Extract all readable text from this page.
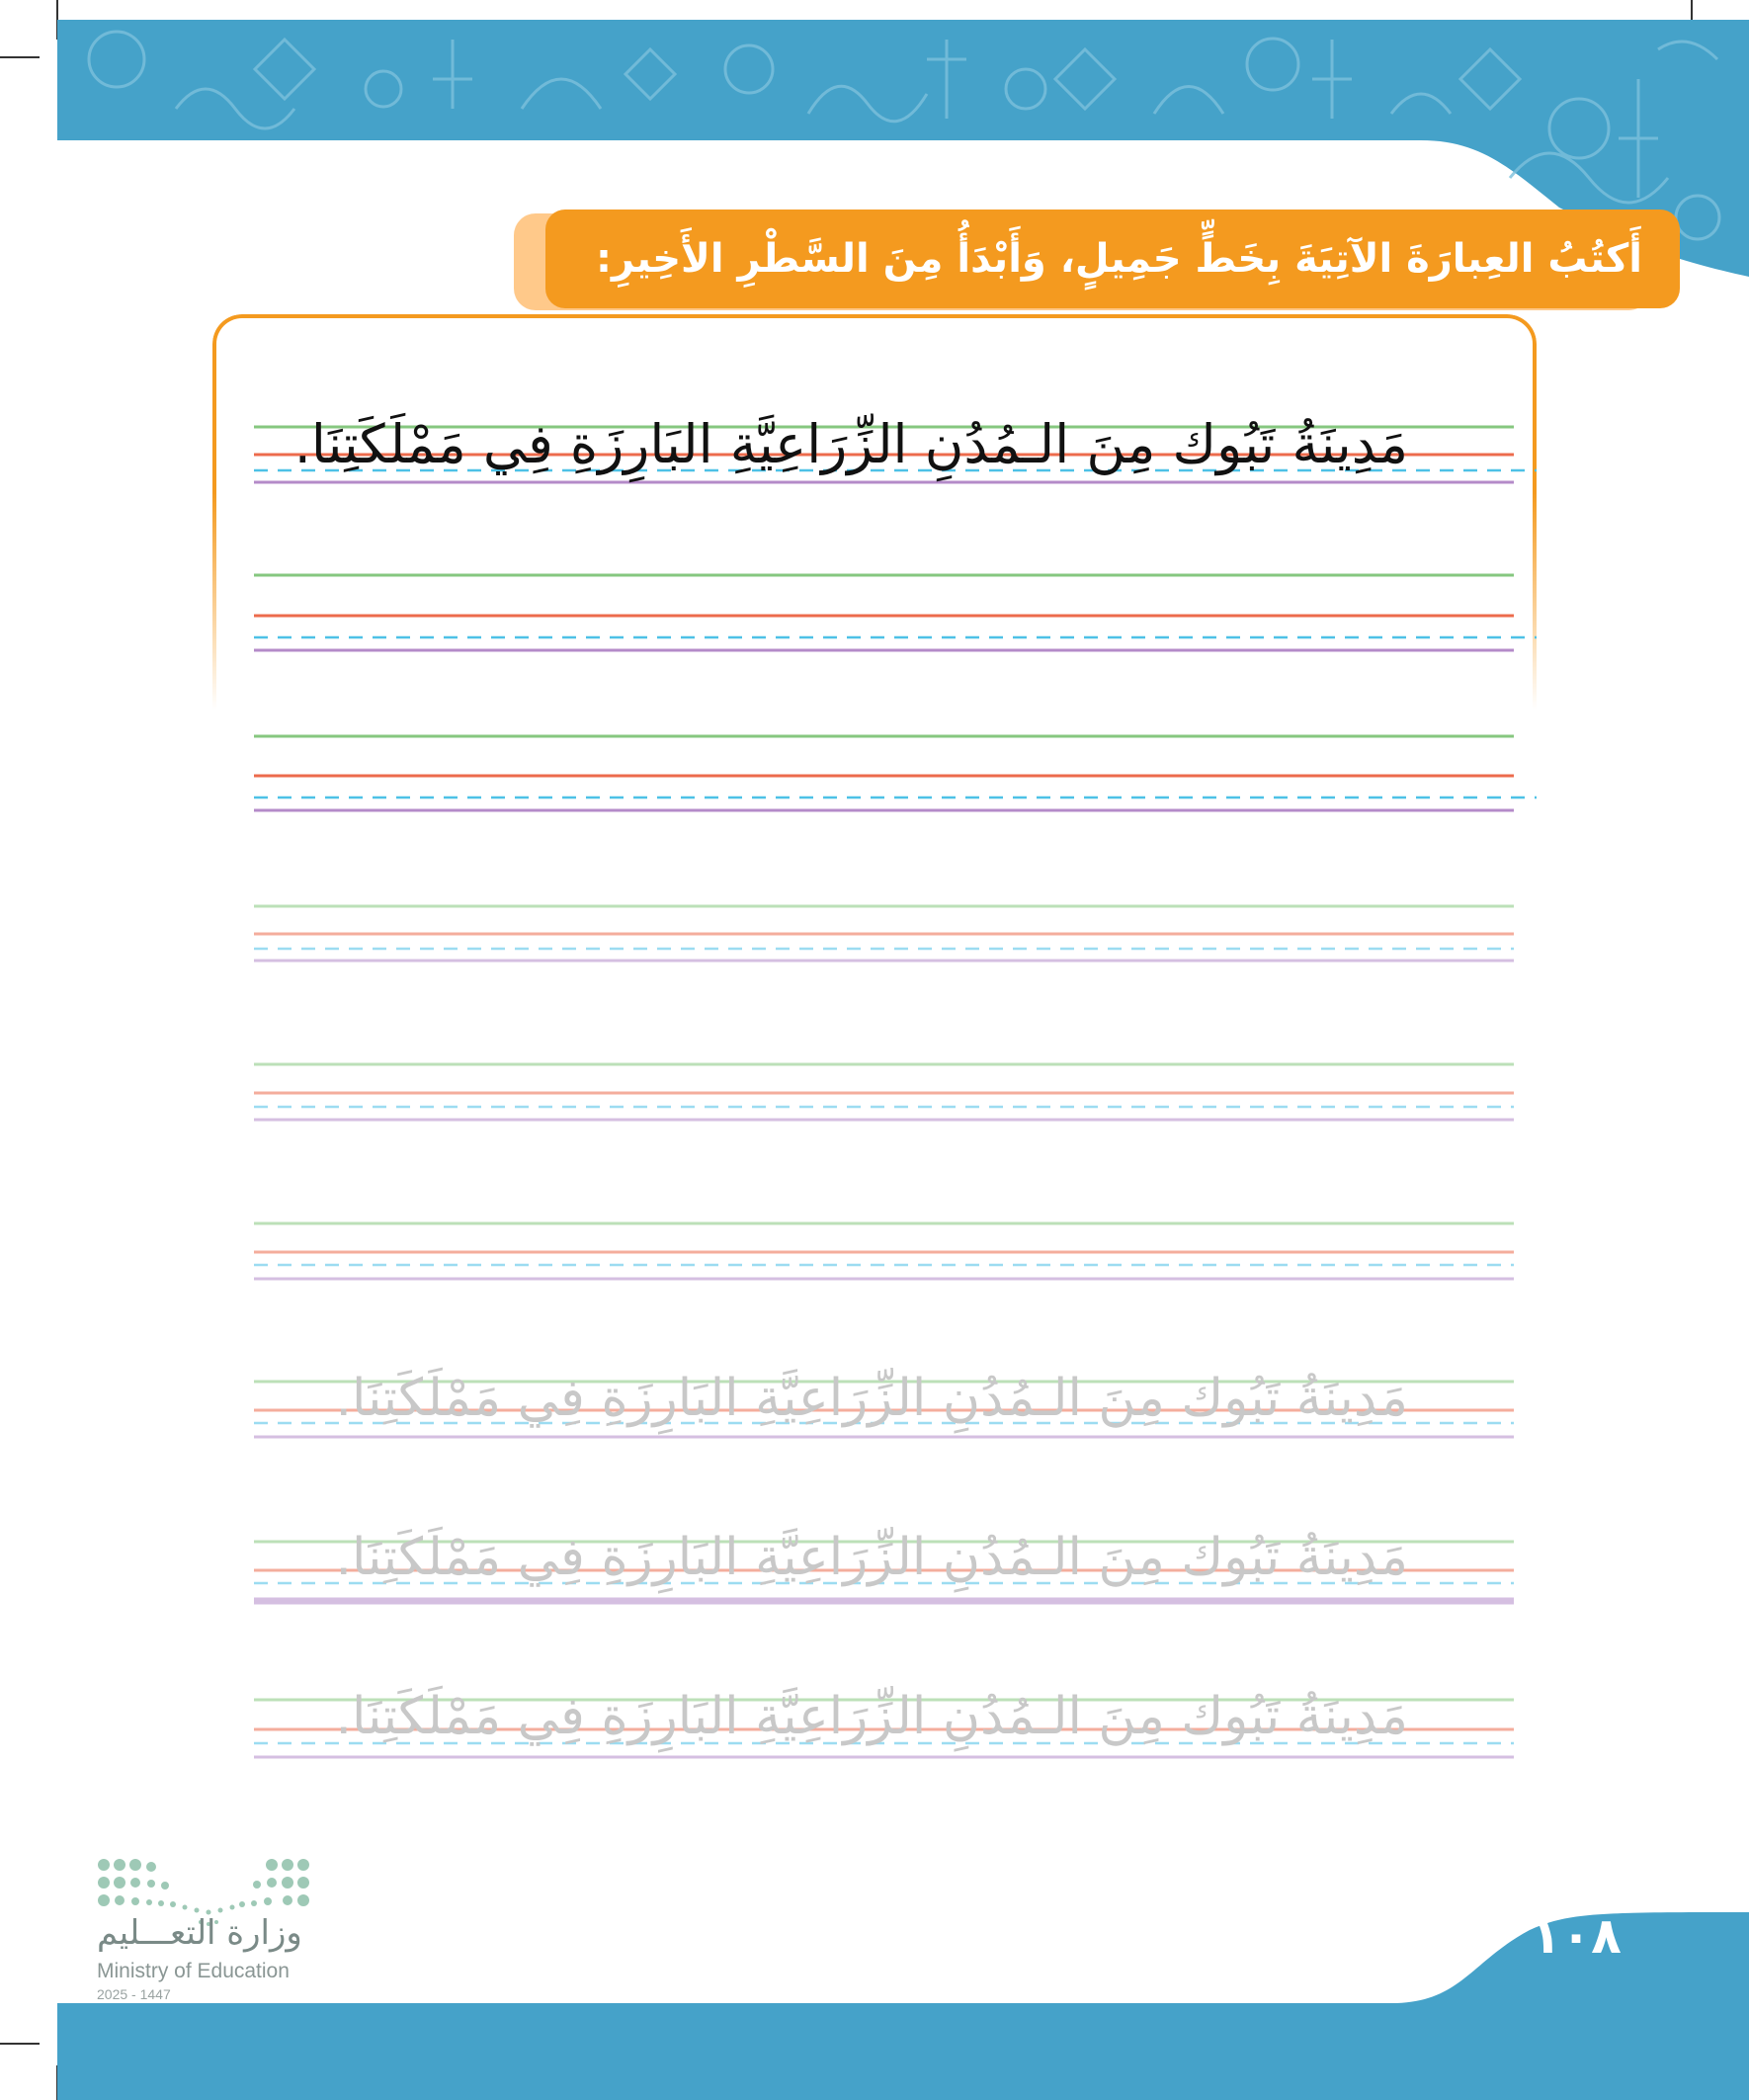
أَكتُبُ العِبارَةَ الآتِيَةَ بِخَطٍّ جَمِيلٍ، وَأَبْدَأُ مِنَ السَّطْرِ الأَخِيرِ:
مَدِينَةُ تَبُوك مِنَ الـمُدُنِ الزِّرَاعِيَّةِ البَارِزَةِ فِي مَمْلَكَتِنَا.
مَدِينَةُ تَبُوك مِنَ الـمُدُنِ الزِّرَاعِيَّةِ البَارِزَةِ فِي مَمْلَكَتِنَا.
مَدِينَةُ تَبُوك مِنَ الـمُدُنِ الزِّرَاعِيَّةِ البَارِزَةِ فِي مَمْلَكَتِنَا.
مَدِينَةُ تَبُوك مِنَ الـمُدُنِ الزِّرَاعِيَّةِ البَارِزَةِ فِي مَمْلَكَتِنَا.
١٠٨
وزارة التعـــليم
Ministry of Education
2025 - 1447
